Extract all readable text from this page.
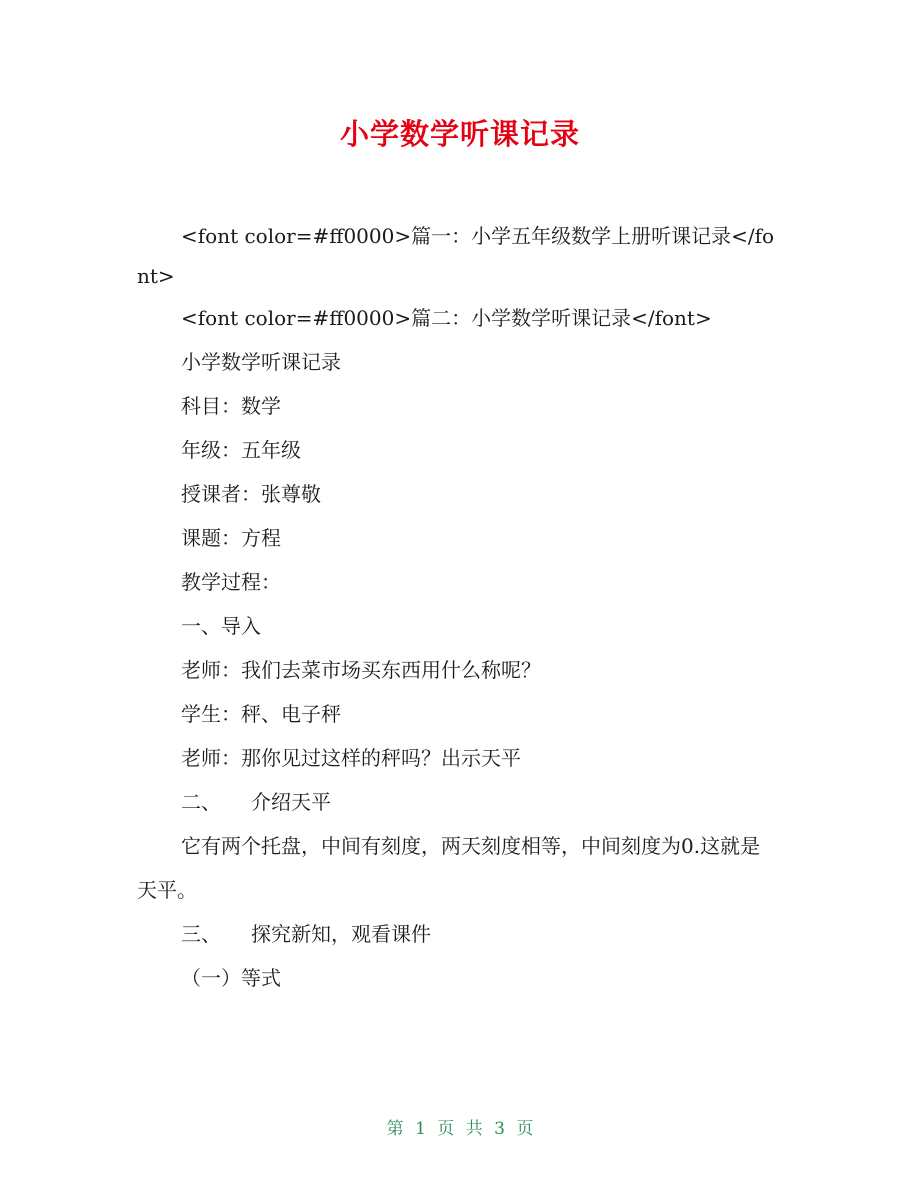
小学数学听课记录

<font color=#ff0000>篇一：小学五年级数学上册听课记录</font>

<font color=#ff0000>篇二：小学数学听课记录</font>

小学数学听课记录

科目：数学

年级：五年级

授课者：张尊敬

课题：方程

教学过程：

一、导入

老师：我们去菜市场买东西用什么称呢？

学生：秤、电子秤

老师：那你见过这样的秤吗？出示天平

二、 介绍天平

它有两个托盘，中间有刻度，两天刻度相等，中间刻度为0.这就是天平。

三、 探究新知，观看课件

（一）等式

第 1 页 共 3 页
